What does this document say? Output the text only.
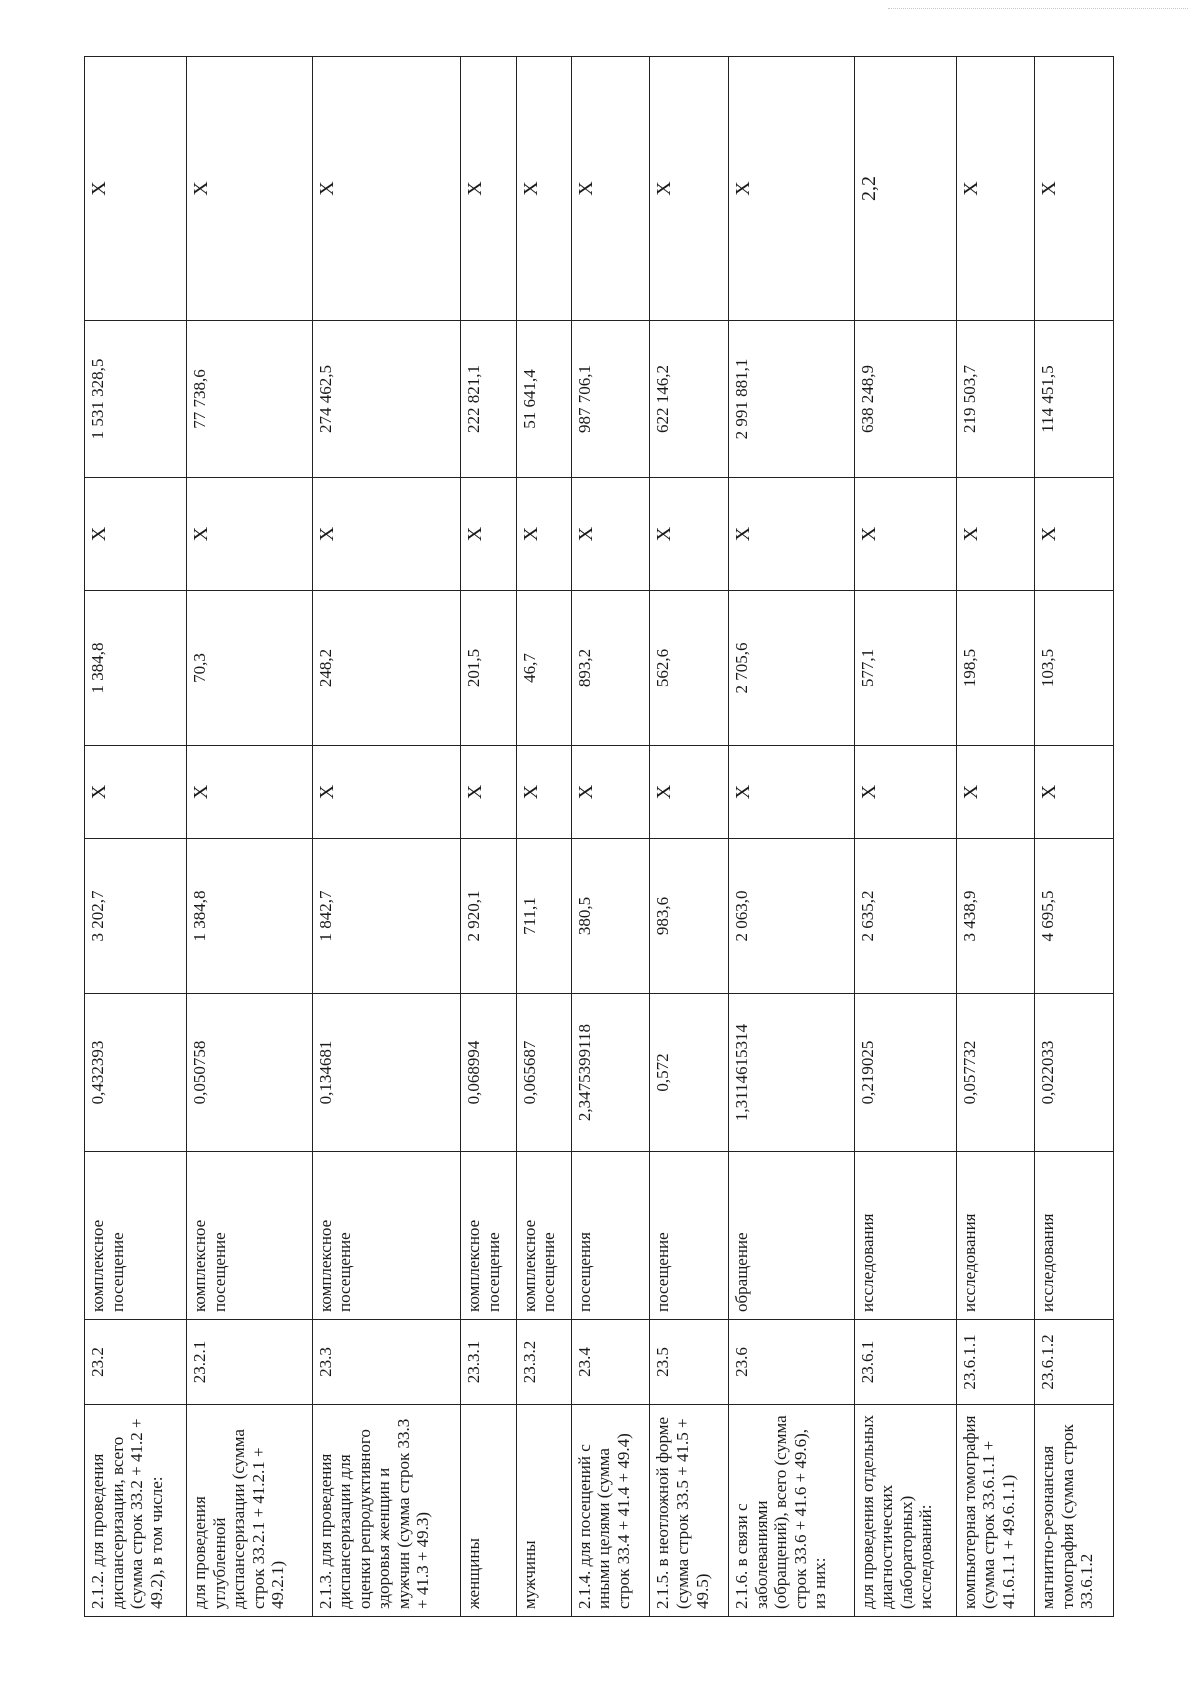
2.1.2. для проведения диспансеризации, всего (сумма строк 33.2 + 41.2 + 49.2), в том числе:	23.2	комплексное посещение	0,432393	3 202,7	X	1 384,8	X	1 531 328,5	X
для проведения углубленной диспансеризации (сумма строк 33.2.1 + 41.2.1 + 49.2.1)	23.2.1	комплексное посещение	0,050758	1 384,8	X	70,3	X	77 738,6	X
2.1.3. для проведения диспансеризации для оценки репродуктивного здоровья женщин и мужчин (сумма строк 33.3 + 41.3 + 49.3)	23.3	комплексное посещение	0,134681	1 842,7	X	248,2	X	274 462,5	X
женщины	23.3.1	комплексное посещение	0,068994	2 920,1	X	201,5	X	222 821,1	X
мужчины	23.3.2	комплексное посещение	0,065687	711,1	X	46,7	X	51 641,4	X
2.1.4. для посещений с иными целями (сумма строк 33.4 + 41.4 + 49.4)	23.4	посещения	2,3475399118	380,5	X	893,2	X	987 706,1	X
2.1.5. в неотложной форме (сумма строк 33.5 + 41.5 + 49.5)	23.5	посещение	0,572	983,6	X	562,6	X	622 146,2	X
2.1.6. в связи с заболеваниями (обращений), всего (сумма строк 33.6 + 41.6 + 49.6), из них:	23.6	обращение	1,3114615314	2 063,0	X	2 705,6	X	2 991 881,1	X
для проведения отдельных диагностических (лабораторных) исследований:	23.6.1	исследования	0,219025	2 635,2	X	577,1	X	638 248,9	2,2
компьютерная томография (сумма строк 33.6.1.1 + 41.6.1.1 + 49.6.1.1)	23.6.1.1	исследования	0,057732	3 438,9	X	198,5	X	219 503,7	X
магнитно-резонансная томография (сумма строк 33.6.1.2	23.6.1.2	исследования	0,022033	4 695,5	X	103,5	X	114 451,5	X
